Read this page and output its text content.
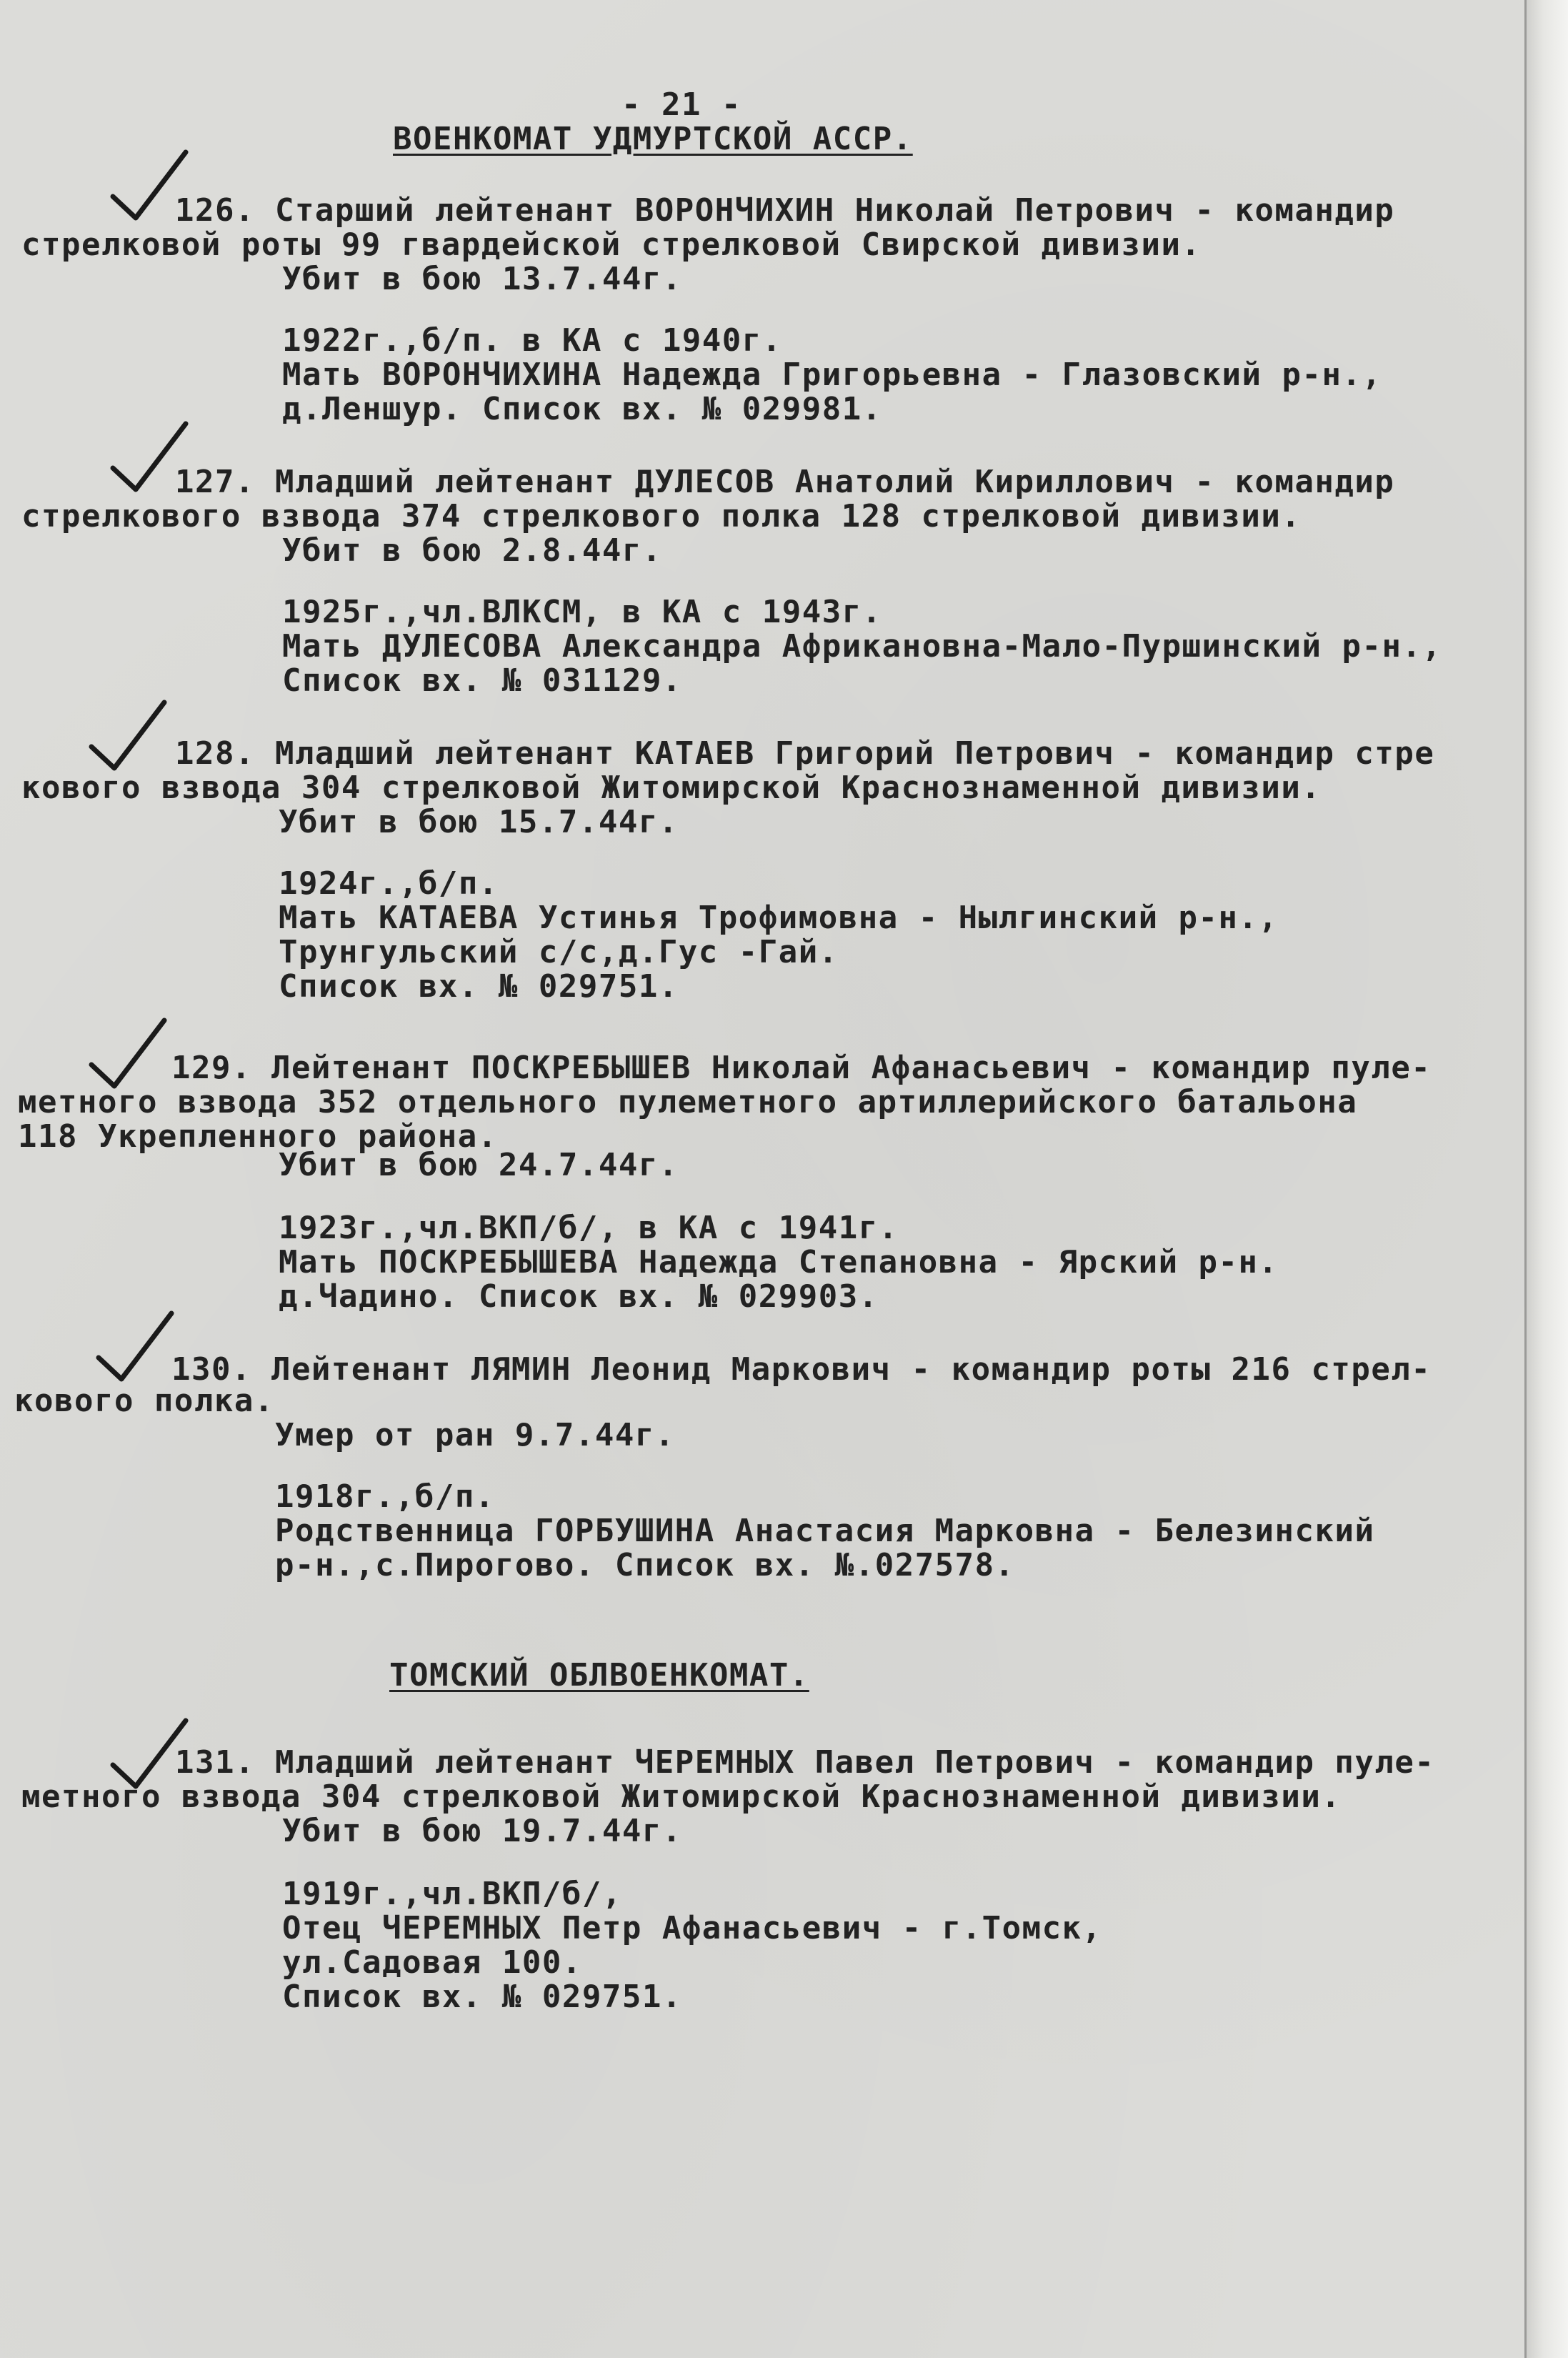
- 21 -
ВОЕНКОМАТ УДМУРТСКОЙ АССР.
126. Старший лейтенант ВОРОНЧИХИН Николай Петрович - командир
стрелковой роты 99 гвардейской стрелковой Свирской дивизии.
Убит в бою 13.7.44г.
1922г.,б/п. в КА с 1940г.
Мать ВОРОНЧИХИНА Надежда Григорьевна - Глазовский р-н.,
д.Леншур. Список вх. № 029981.
127. Младший лейтенант ДУЛЕСОВ Анатолий Кириллович - командир
стрелкового взвода 374 стрелкового полка 128 стрелковой дивизии.
Убит в бою 2.8.44г.
1925г.,чл.ВЛКСМ, в КА с 1943г.
Мать ДУЛЕСОВА Александра Африкановна-Мало-Пуршинский р-н.,
Список вх. № 031129.
128. Младший лейтенант КАТАЕВ Григорий Петрович - командир стре
кового взвода 304 стрелковой Житомирской Краснознаменной дивизии.
Убит в бою 15.7.44г.
1924г.,б/п.
Мать КАТАЕВА Устинья Трофимовна - Нылгинский р-н.,
Трунгульский с/с,д.Гус -Гай.
Список вх. № 029751.
129. Лейтенант ПОСКРЕБЫШЕВ Николай Афанасьевич - командир пуле-
метного взвода 352 отдельного пулеметного артиллерийского батальона
118 Укрепленного района.
Убит в бою 24.7.44г.
1923г.,чл.ВКП/б/, в КА с 1941г.
Мать ПОСКРЕБЫШЕВА Надежда Степановна - Ярский р-н.
д.Чадино. Список вх. № 029903.
130. Лейтенант ЛЯМИН Леонид Маркович - командир роты 216 стрел-
кового полка.
Умер от ран 9.7.44г.
1918г.,б/п.
Родственница ГОРБУШИНА Анастасия Марковна - Белезинский
р-н.,с.Пирогово. Список вх. №.027578.
ТОМСКИЙ ОБЛВОЕНКОМАТ.
131. Младший лейтенант ЧЕРЕМНЫХ Павел Петрович - командир пуле-
метного взвода 304 стрелковой Житомирской Краснознаменной дивизии.
Убит в бою 19.7.44г.
1919г.,чл.ВКП/б/,
Отец ЧЕРЕМНЫХ Петр Афанасьевич - г.Томск,
ул.Садовая 100.
Список вх. № 029751.
